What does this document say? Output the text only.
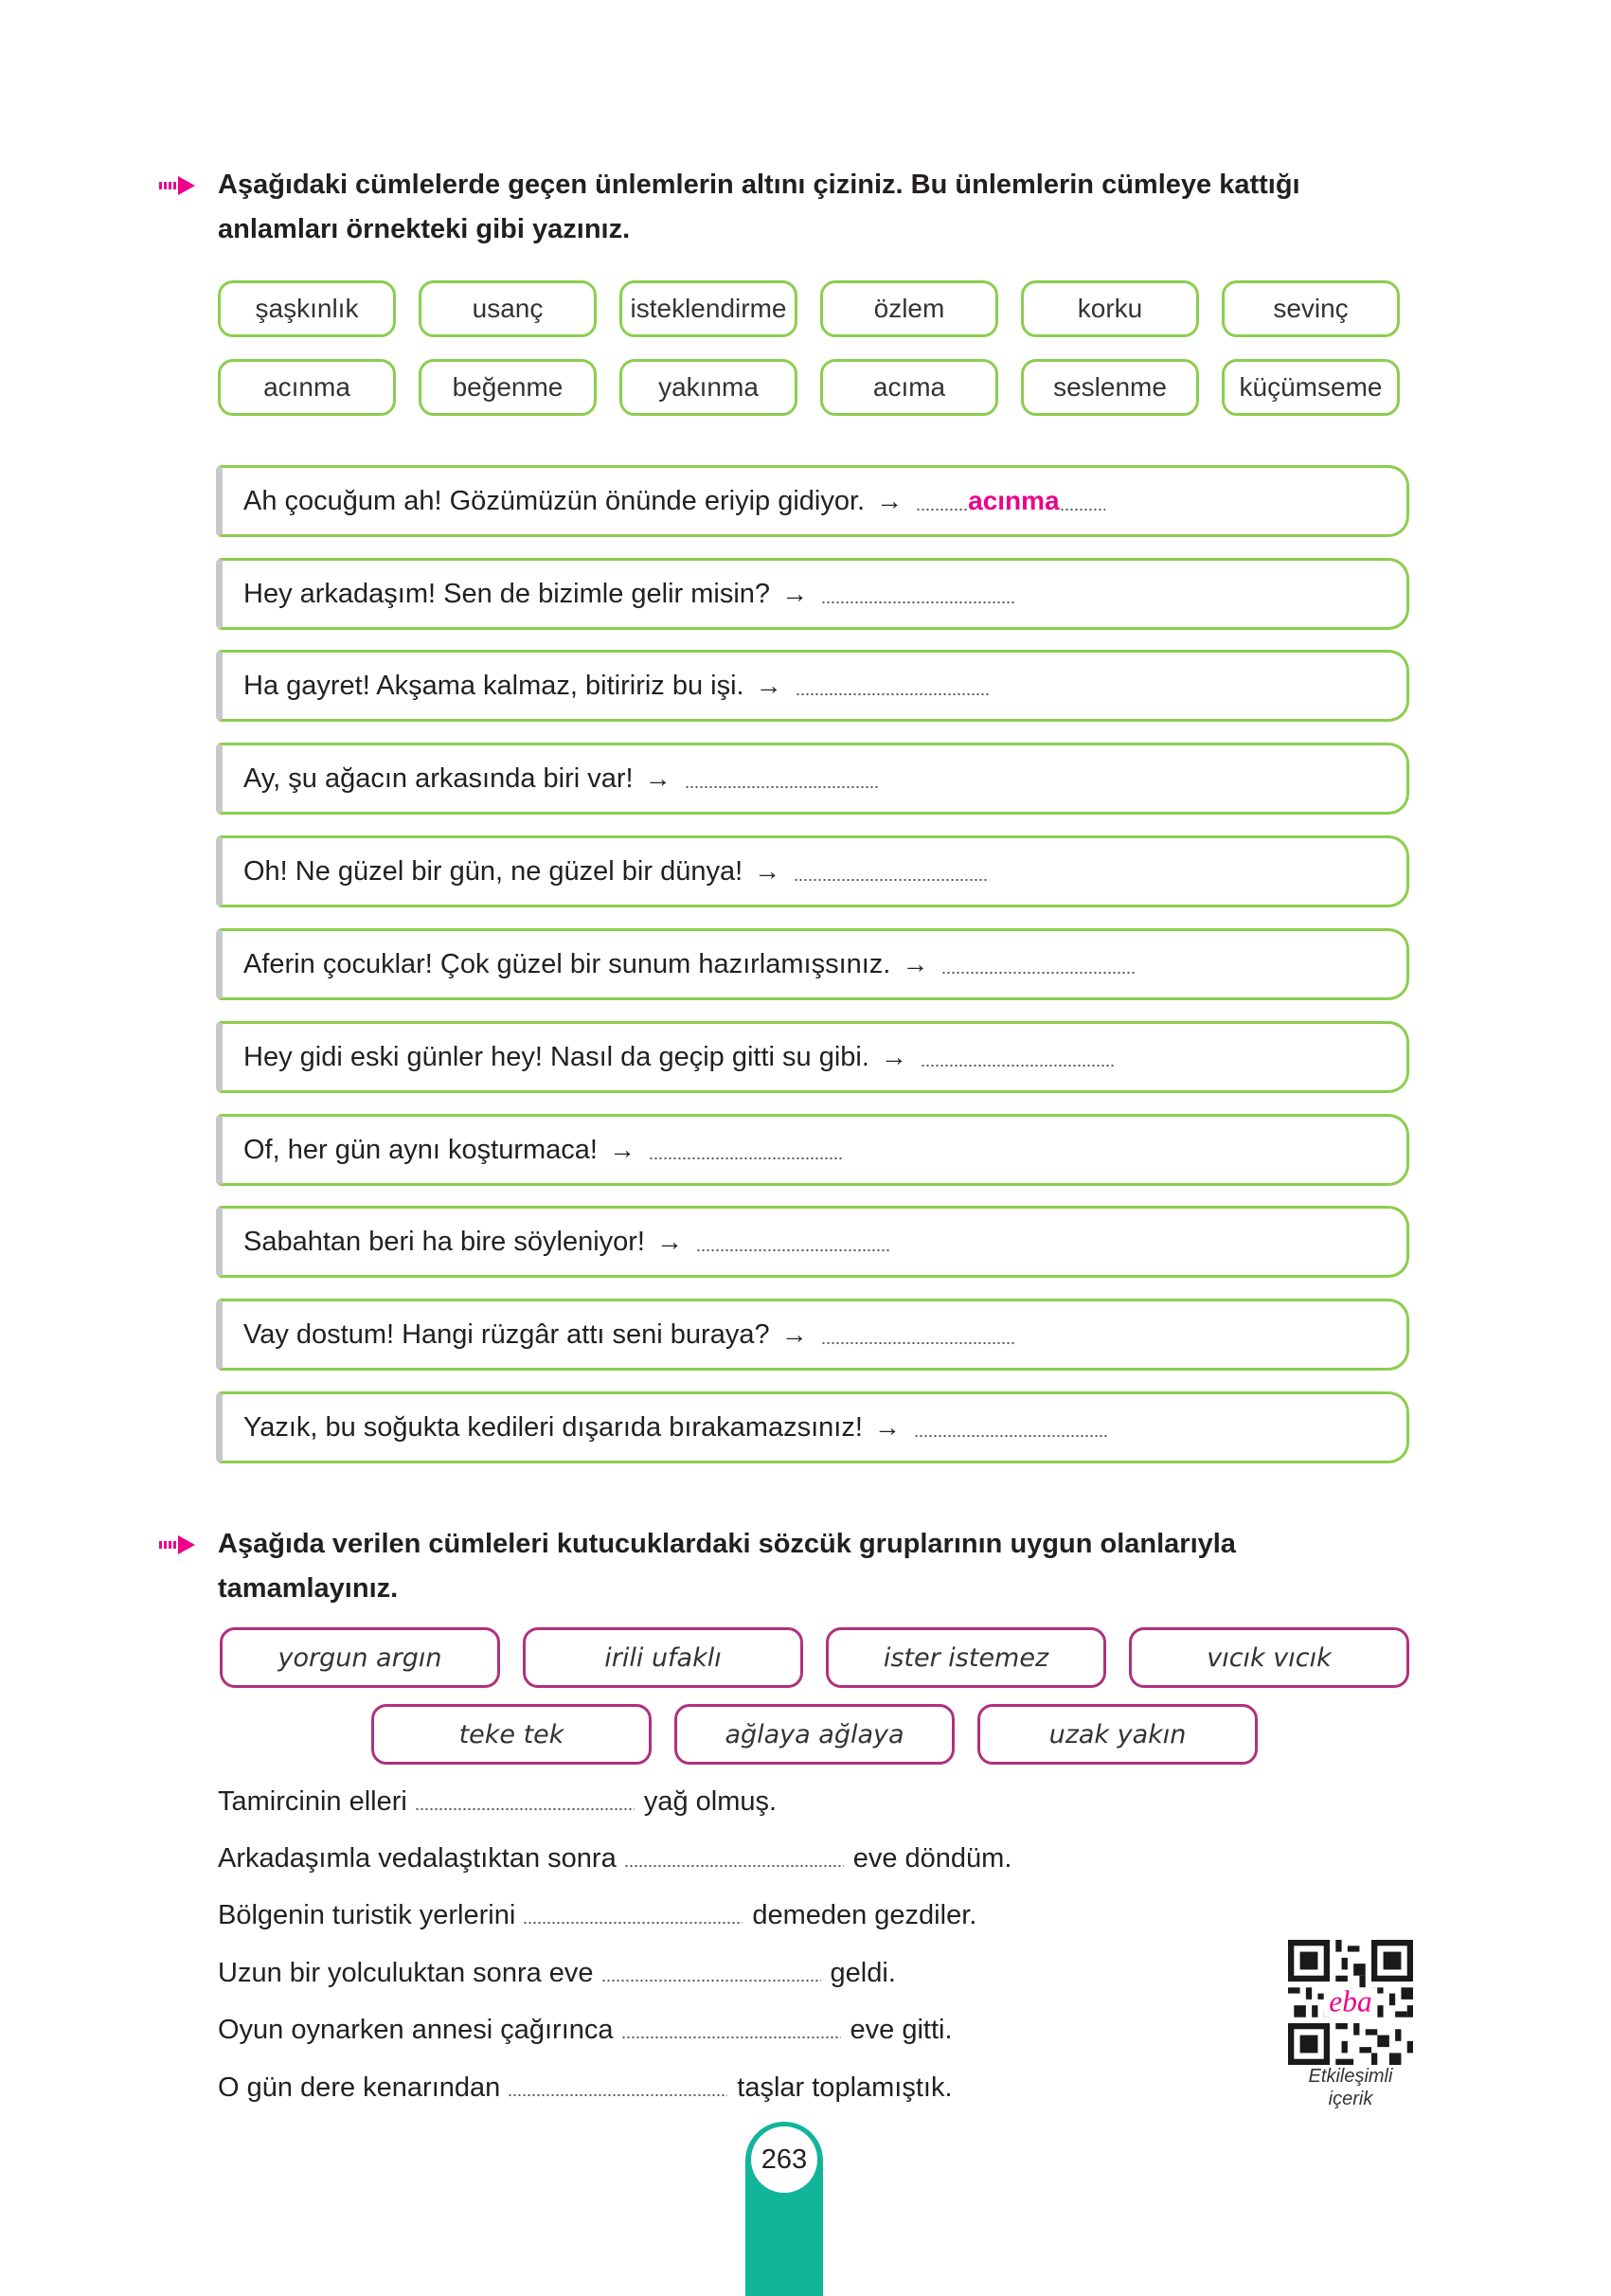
Aşağıdaki cümlelerde geçen ünlemlerin altını çiziniz. Bu ünlemlerin cümleye kattığı anlamları örnekteki gibi yazınız.
şaşkınlık	usanç	isteklendirme	özlem	korku	sevinç
acınma	beğenme	yakınma	acıma	seslenme	küçümseme
Ah çocuğum ah! Gözümüzün önünde eriyip gidiyor. → acınma
Hey arkadaşım! Sen de bizimle gelir misin? →
Ha gayret! Akşama kalmaz, bitiririz bu işi. →
Ay, şu ağacın arkasında biri var! →
Oh! Ne güzel bir gün, ne güzel bir dünya! →
Aferin çocuklar! Çok güzel bir sunum hazırlamışsınız. →
Hey gidi eski günler hey! Nasıl da geçip gitti su gibi. →
Of, her gün aynı koşturmaca! →
Sabahtan beri ha bire söyleniyor! →
Vay dostum! Hangi rüzgâr attı seni buraya? →
Yazık, bu soğukta kedileri dışarıda bırakamazsınız! →
Aşağıda verilen cümleleri kutucuklardaki sözcük gruplarının uygun olanlarıyla tamamlayınız.
yorgun argın	irili ufaklı	ister istemez	vıcık vıcık
teke tek	ağlaya ağlaya	uzak yakın
Tamircinin elleri	yağ olmuş.
Arkadaşımla vedalaştıktan sonra	eve döndüm.
Bölgenin turistik yerlerini	demeden gezdiler.
Uzun bir yolculuktan sonra eve	geldi.
Oyun oynarken annesi çağırınca	eve gitti.
O gün dere kenarından	taşlar toplamıştık.
eba
Etkileşimli
içerik
263
